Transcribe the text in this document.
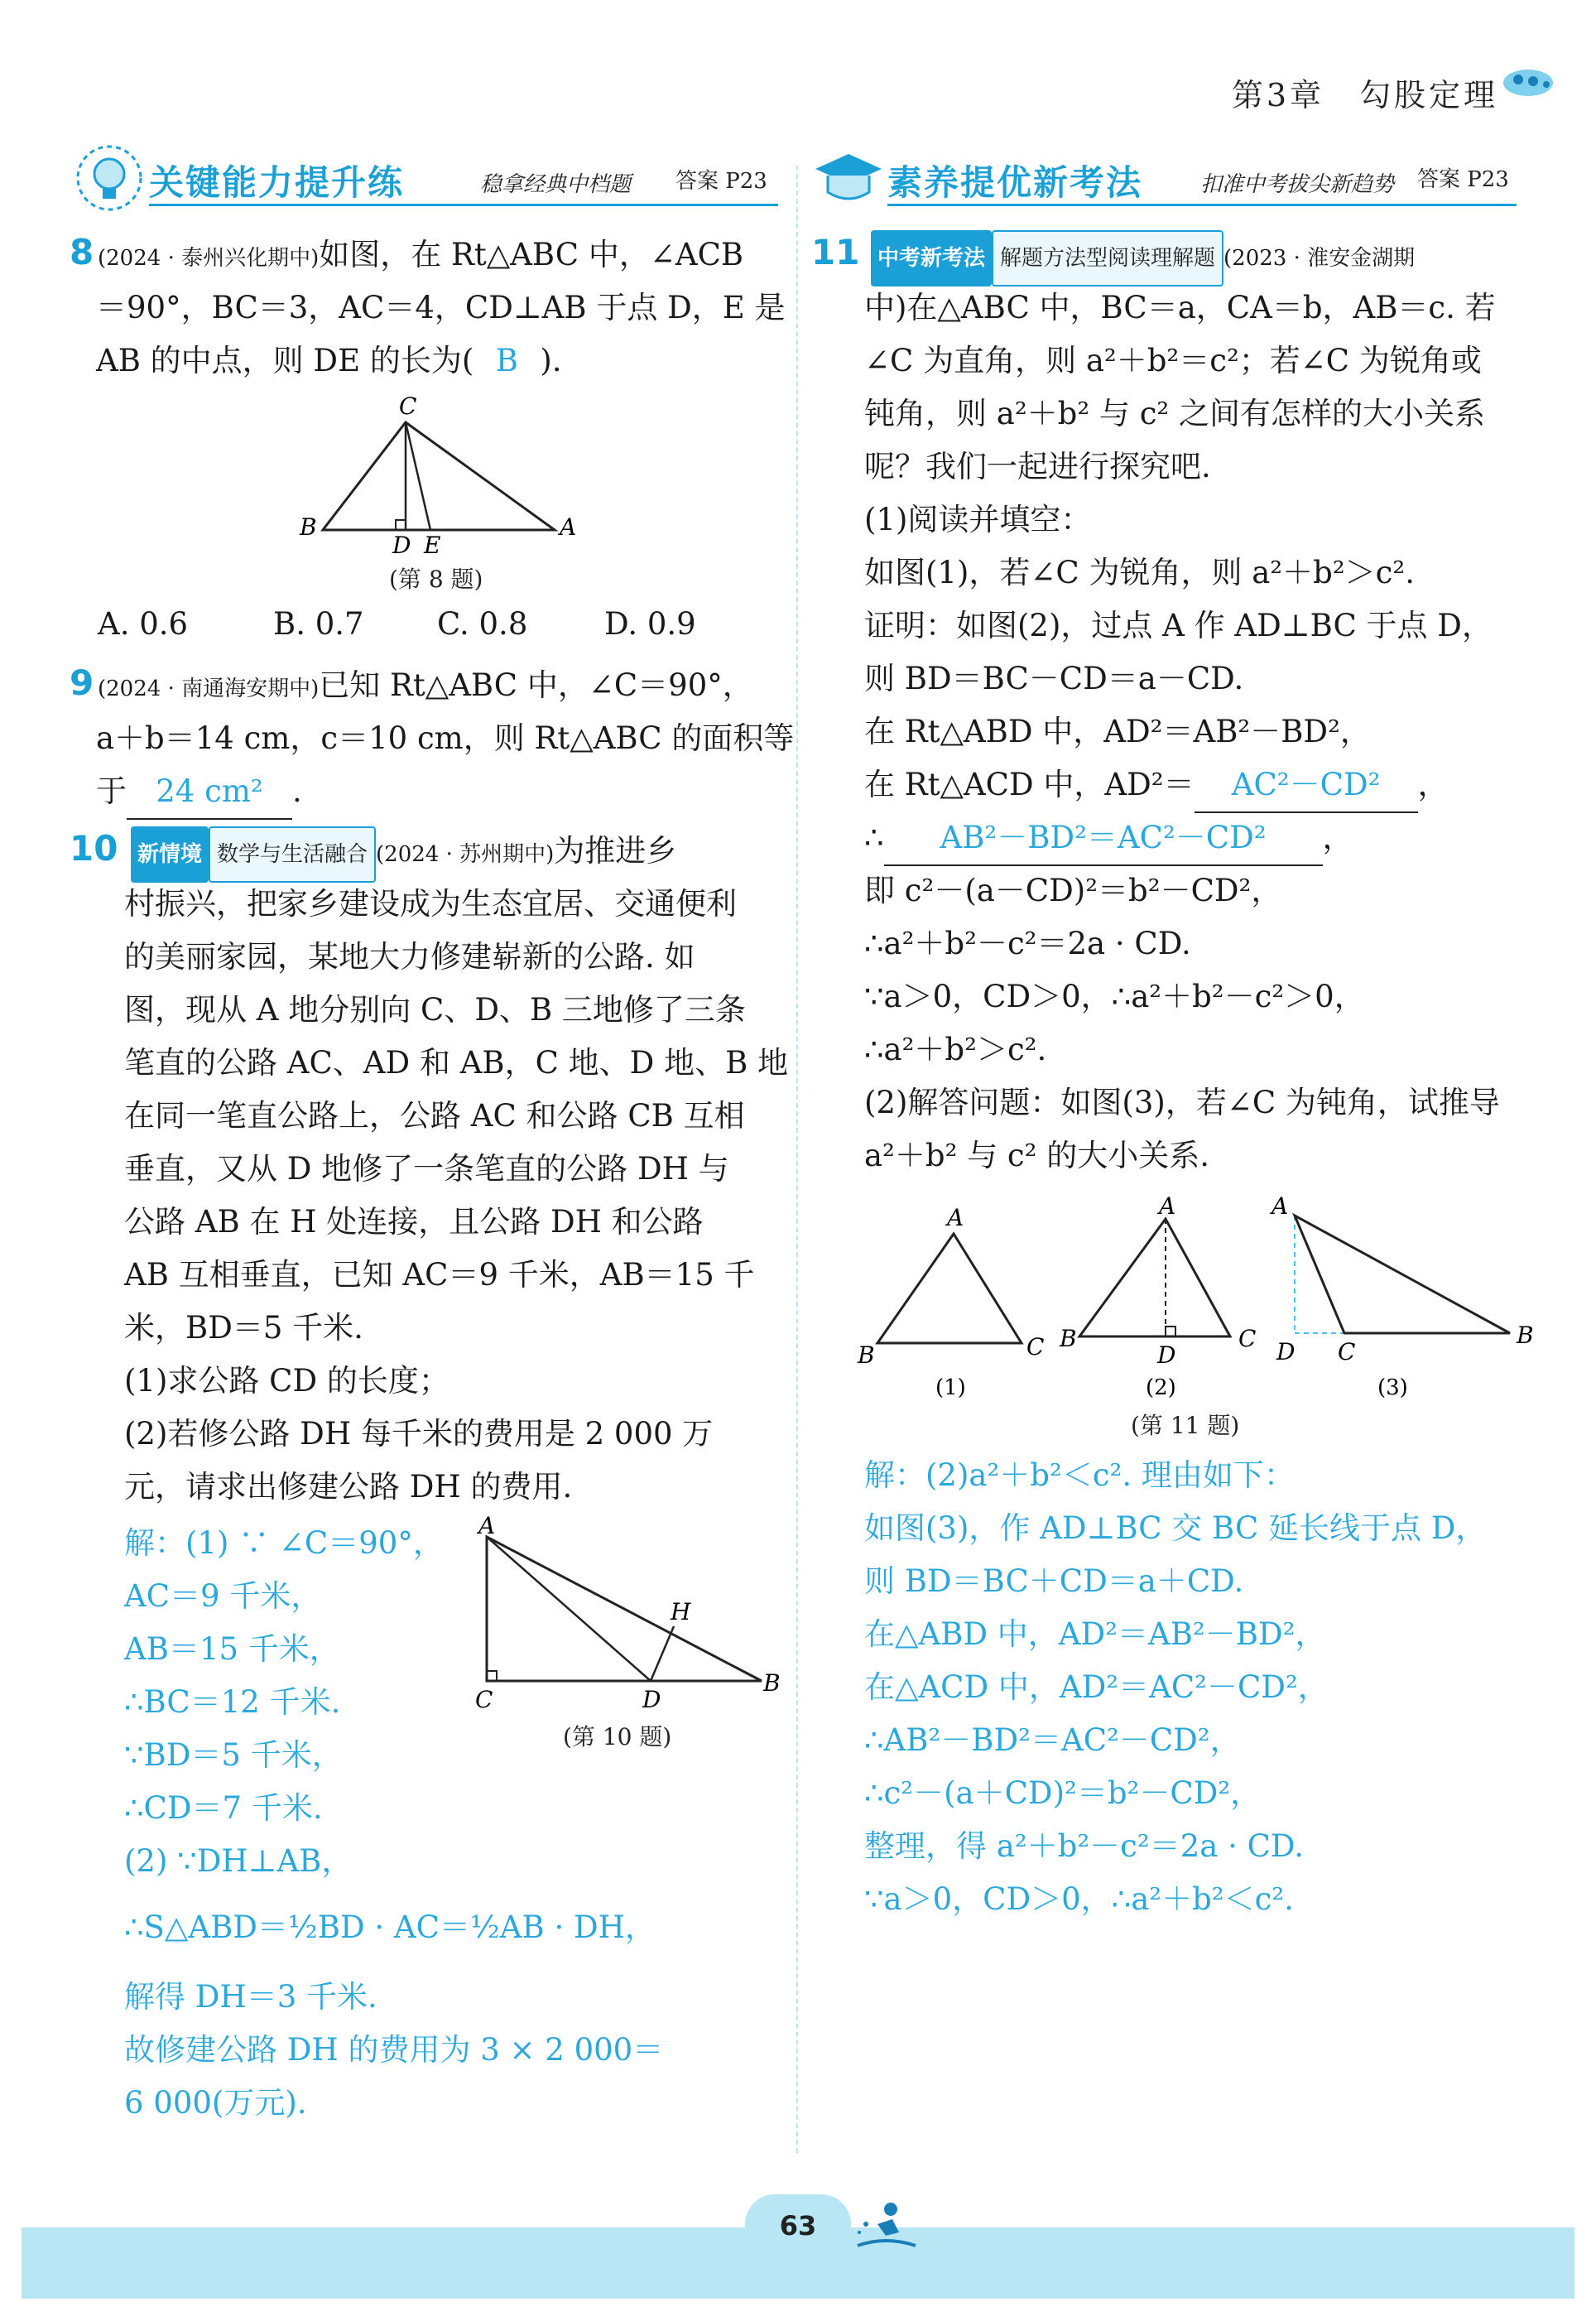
第3章　勾股定理
关键能力提升练	稳拿经典中档题 答案 P23	素养提优新考法	扣准中考拔尖新趋势 答案 P23
8 (2024 · 泰州兴化期中)如图，在 Rt△ABC 中，∠ACB
＝90°，BC＝3，AC＝4，CD⊥AB 于点 D，E 是
AB 的中点，则 DE 的长为( B ).
C
B	A
D E
(第 8 题)
A. 0.6	B. 0.7 C. 0.8	D. 0.9
9 (2024 · 南通海安期中)已知 Rt△ABC 中，∠C＝90°，
a＋b＝14 cm，c＝10 cm，则 Rt△ABC 的面积等
于 24 cm² .
10 新情境 数学与生活融合 (2024 · 苏州期中)为推进乡
村振兴，把家乡建设成为生态宜居、交通便利
的美丽家园，某地大力修建崭新的公路. 如
图，现从 A 地分别向 C、D、B 三地修了三条
笔直的公路 AC、AD 和 AB，C 地、D 地、B 地
在同一笔直公路上，公路 AC 和公路 CB 互相
垂直，又从 D 地修了一条笔直的公路 DH 与
公路 AB 在 H 处连接，且公路 DH 和公路
AB 互相垂直，已知 AC＝9 千米，AB＝15 千
米，BD＝5 千米.
(1)求公路 CD 的长度；
(2)若修公路 DH 每千米的费用是 2 000 万
元，请求出修建公路 DH 的费用.
解：(1) ∵ ∠C＝90°，
AC＝9 千米，
AB＝15 千米，
∴BC＝12 千米.
∵BD＝5 千米，
∴CD＝7 千米.
(2) ∵DH⊥AB，
∴S△ABD＝½BD · AC＝½AB · DH，
解得 DH＝3 千米.
故修建公路 DH 的费用为 3 × 2 000＝
6 000(万元).
A
C	D
B
H
(第 10 题)
11 中考新考法 解题方法型阅读理解题 (2023 · 淮安金湖期
中)在△ABC 中，BC＝a，CA＝b，AB＝c. 若
∠C 为直角，则 a²＋b²＝c²；若∠C 为锐角或
钝角，则 a²＋b² 与 c² 之间有怎样的大小关系
呢？我们一起进行探究吧.
(1)阅读并填空：
如图(1)，若∠C 为锐角，则 a²＋b²＞c².
证明：如图(2)，过点 A 作 AD⊥BC 于点 D，
则 BD＝BC－CD＝a－CD.
在 Rt△ABD 中，AD²＝AB²－BD²，
在 Rt△ACD 中，AD²＝ AC²－CD² ，
∴ AB²－BD²＝AC²－CD² ，
即 c²－(a－CD)²＝b²－CD²，
∴a²＋b²－c²＝2a · CD.
∵a＞0，CD＞0，∴a²＋b²－c²＞0，
∴a²＋b²＞c².
(2)解答问题：如图(3)，若∠C 为钝角，试推导
a²＋b² 与 c² 的大小关系.
A
B	C
(1)
A
B	C
D
(2)
A
D C
B
(3)
(第 11 题)
解：(2)a²＋b²＜c². 理由如下：
如图(3)，作 AD⊥BC 交 BC 延长线于点 D，
则 BD＝BC＋CD＝a＋CD.
在△ABD 中，AD²＝AB²－BD²，
在△ACD 中，AD²＝AC²－CD²，
∴AB²－BD²＝AC²－CD²，
∴c²－(a＋CD)²＝b²－CD²，
整理，得 a²＋b²－c²＝2a · CD.
∵a＞0，CD＞0，∴a²＋b²＜c².
63
